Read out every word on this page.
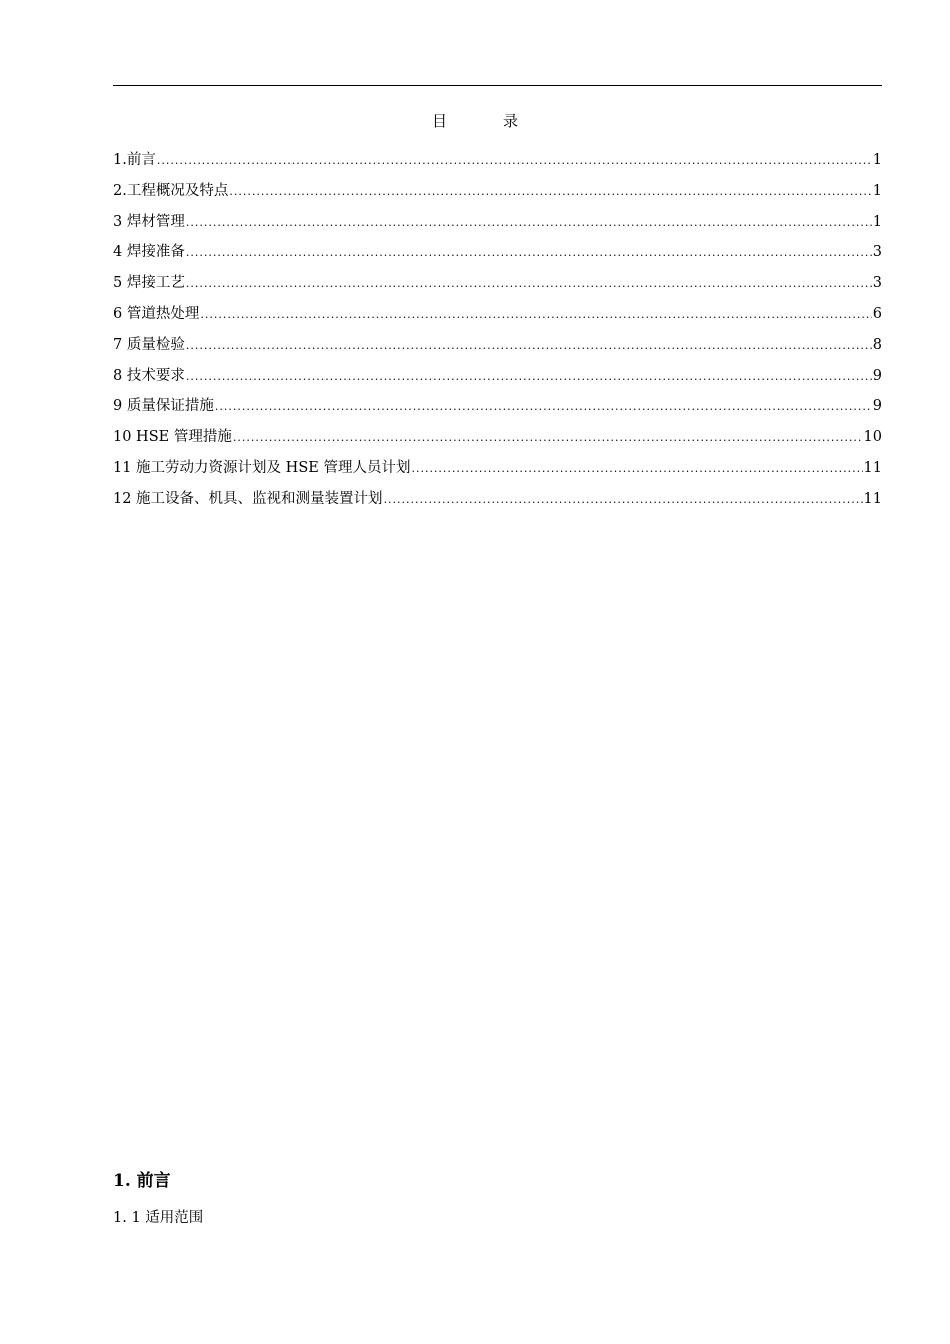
目	录
1.前言 .....	1
2.工程概况及特点 .....	1
3 焊材管理 .....	1
4 焊接准备 .....	3
5 焊接工艺 .....	3
6 管道热处理 .....	6
7 质量检验 .....	8
8 技术要求 .....	9
9 质量保证措施 .....	9
10 HSE 管理措施 .....	10
11 施工劳动力资源计划及 HSE 管理人员计划 .....	11
12 施工设备、机具、监视和测量装置计划 .....	11
1. 前言
1. 1 适用范围
